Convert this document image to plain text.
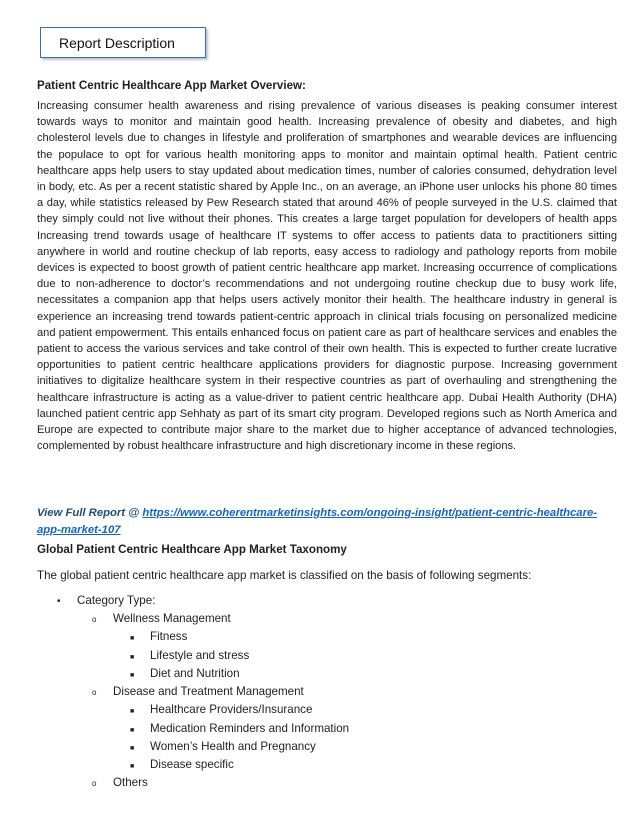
Report Description
Patient Centric Healthcare App Market Overview:
Increasing consumer health awareness and rising prevalence of various diseases is peaking consumer interest towards ways to monitor and maintain good health. Increasing prevalence of obesity and diabetes, and high cholesterol levels due to changes in lifestyle and proliferation of smartphones and wearable devices are influencing the populace to opt for various health monitoring apps to monitor and maintain optimal health. Patient centric healthcare apps help users to stay updated about medication times, number of calories consumed, dehydration level in body, etc. As per a recent statistic shared by Apple Inc., on an average, an iPhone user unlocks his phone 80 times a day, while statistics released by Pew Research stated that around 46% of people surveyed in the U.S. claimed that they simply could not live without their phones. This creates a large target population for developers of health apps Increasing trend towards usage of healthcare IT systems to offer access to patients data to practitioners sitting anywhere in world and routine checkup of lab reports, easy access to radiology and pathology reports from mobile devices is expected to boost growth of patient centric healthcare app market. Increasing occurrence of complications due to non-adherence to doctor’s recommendations and not undergoing routine checkup due to busy work life, necessitates a companion app that helps users actively monitor their health. The healthcare industry in general is experience an increasing trend towards patient-centric approach in clinical trials focusing on personalized medicine and patient empowerment. This entails enhanced focus on patient care as part of healthcare services and enables the patient to access the various services and take control of their own health. This is expected to further create lucrative opportunities to patient centric healthcare applications providers for diagnostic purpose. Increasing government initiatives to digitalize healthcare system in their respective countries as part of overhauling and strengthening the healthcare infrastructure is acting as a value-driver to patient centric healthcare app. Dubai Health Authority (DHA) launched patient centric app Sehhaty as part of its smart city program. Developed regions such as North America and Europe are expected to contribute major share to the market due to higher acceptance of advanced technologies, complemented by robust healthcare infrastructure and high discretionary income in these regions.
View Full Report @ https://www.coherentmarketinsights.com/ongoing-insight/patient-centric-healthcare-app-market-107
Global Patient Centric Healthcare App Market Taxonomy
The global patient centric healthcare app market is classified on the basis of following segments:
•Category Type:
oWellness Management
■Fitness
■Lifestyle and stress
■Diet and Nutrition
oDisease and Treatment Management
■Healthcare Providers/Insurance
■Medication Reminders and Information
■Women’s Health and Pregnancy
■Disease specific
oOthers
